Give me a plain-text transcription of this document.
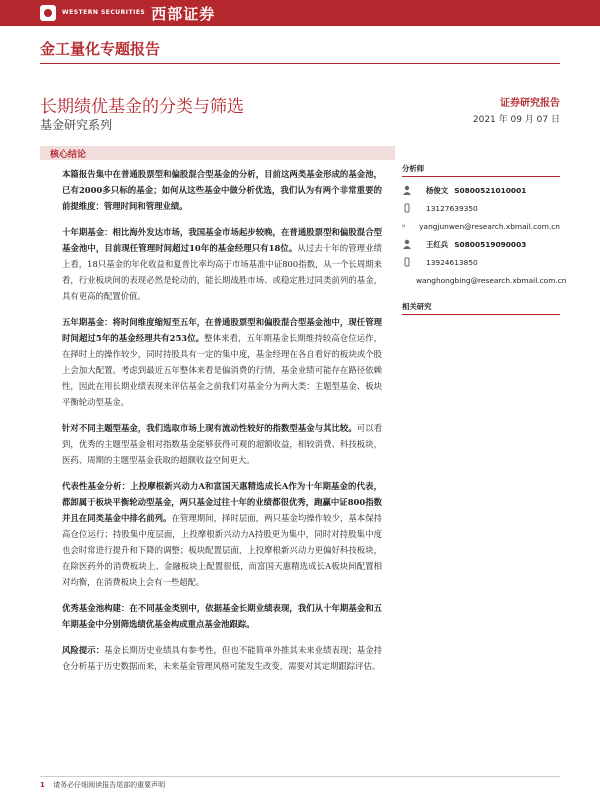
WESTERN SECURITIES 西部证券
金工量化专题报告
长期绩优基金的分类与筛选
基金研究系列
证券研究报告
2021 年 09 月 07 日
核心结论

本篇报告集中在普通股票型和偏股混合型基金的分析，目前这两类基金形成的基金池，已有2000多只标的基金；如何从这些基金中做分析优选，我们认为有两个非常重要的前提维度：管理时间和管理业绩。

十年期基金：相比海外发达市场，我国基金市场起步较晚，在普通股票型和偏股混合型基金池中，目前现任管理时间超过10年的基金经理只有18位。从过去十年的管理业绩上看，18只基金的年化收益和夏普比率均高于市场基准中证800指数，从一个长周期来看，行业板块间的表现必然是轮动的，能长期战胜市场、或稳定胜过同类前列的基金，具有更高的配置价值。

五年期基金：将时间维度缩短至五年，在普通股票型和偏股混合型基金池中，现任管理时间超过5年的基金经理共有253位。整体来看，五年期基金长期维持较高仓位运作，在择时上的操作较少，同时持股具有一定的集中度，基金经理在各自看好的板块或个股上会加大配置。考虑到最近五年整体来看是偏消费的行情，基金业绩可能存在路径依赖性，因此在用长期业绩表现来评估基金之前我们对基金分为两大类：主题型基金、板块平衡轮动型基金。

针对不同主题型基金，我们选取市场上现有流动性较好的指数型基金与其比较。可以看到，优秀的主题型基金相对指数基金能够获得可观的超额收益，相较消费、科技板块，医药、周期的主题型基金获取的超额收益空间更大。

代表性基金分析：上投摩根新兴动力A和富国天惠精选成长A作为十年期基金的代表，都卸属于板块平衡轮动型基金，两只基金过往十年的业绩都很优秀，跑赢中证800指数并且在同类基金中排名前列。在管理期间，择时层面，两只基金均操作较少，基本保持高仓位运行；持股集中度层面，上投摩根新兴动力A持股更为集中，同时对持股集中度也会时常进行提升和下降的调整；板块配置层面，上投摩根新兴动力更偏好科技板块，在除医药外的消费板块上、金融板块上配置很低，而富国天惠精选成长A板块间配置相对均衡，在消费板块上会有一些超配。

优秀基金池构建：在不同基金类别中，依据基金长期业绩表现，我们从十年期基金和五年期基金中分别筛选绩优基金构成重点基金池跟踪。

风险提示：基金长期历史业绩具有参考性，但也不能简单外推其未来业绩表现；基金持仓分析基于历史数据而来，未来基金管理风格可能发生改变，需要对其定期跟踪评估。

分析师
杨俊文 S0800521010001
13127639350
yangjunwen@research.xbmail.com.cn
王红兵 S0800519090003
13924613850
wanghongbing@research.xbmail.com.cn
相关研究
1 请务必仔细阅读报告尾部的重要声明
